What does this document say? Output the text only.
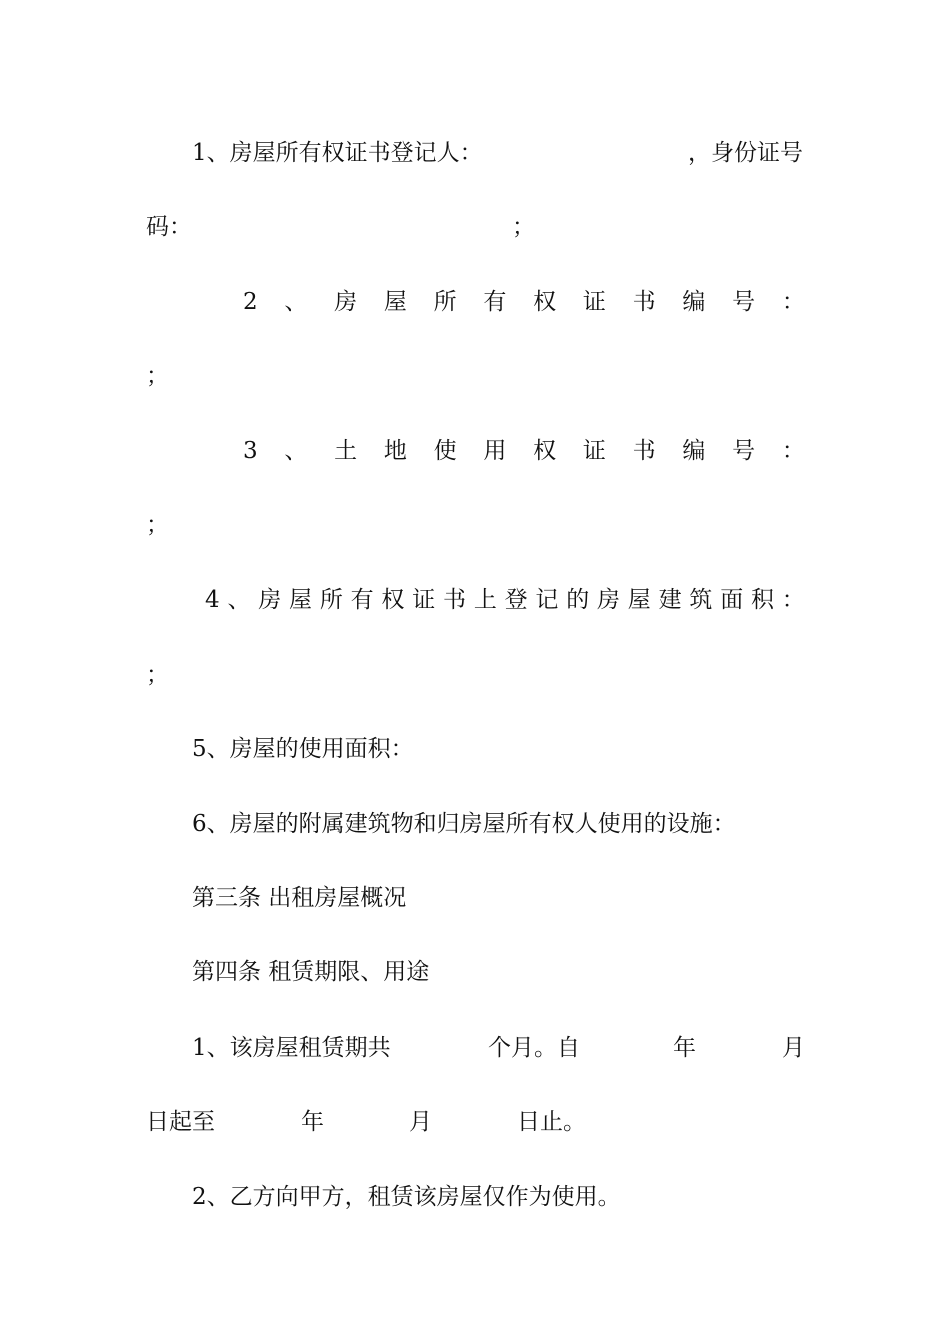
1、房屋所有权证书登记人：	，身份证号
码：	；
2 、 房 屋 所 有 权 证 书 编 号 ：
；
3 、 土 地 使 用 权 证 书 编 号 ：
；
4 、 房 屋 所 有 权 证 书 上 登 记 的 房 屋 建 筑 面 积 ：
；
5、房屋的使用面积：
6、房屋的附属建筑物和归房屋所有权人使用的设施：
第三条 出租房屋概况
第四条 租赁期限、用途
1、该房屋租赁期共	个月。自	年	月
日起至	年	月	日止。
2、乙方向甲方，租赁该房屋仅作为使用。
